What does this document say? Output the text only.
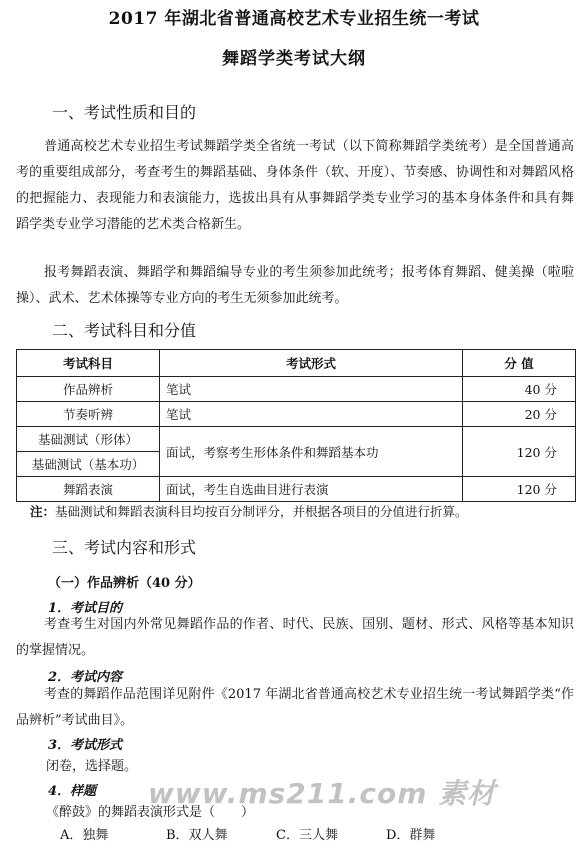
2017 年湖北省普通高校艺术专业招生统一考试
舞蹈学类考试大纲
一、考试性质和目的
普通高校艺术专业招生考试舞蹈学类全省统一考试（以下简称舞蹈学类统考）是全国普通高考的重要组成部分，考查考生的舞蹈基础、身体条件（软、开度）、节奏感、协调性和对舞蹈风格的把握能力、表现能力和表演能力，选拔出具有从事舞蹈学类专业学习的基本身体条件和具有舞蹈学类专业学习潜能的艺术类合格新生。
报考舞蹈表演、舞蹈学和舞蹈编导专业的考生须参加此统考；报考体育舞蹈、健美操（啦啦操）、武术、艺术体操等专业方向的考生无须参加此统考。
二、考试科目和分值
考试科目	考试形式	分 值
作品辨析	笔试	40 分
节奏听辨	笔试	20 分
基础测试（形体）	面试，考察考生形体条件和舞蹈基本功	120 分
基础测试（基本功）		
舞蹈表演	面试，考生自选曲目进行表演	120 分
注：基础测试和舞蹈表演科目均按百分制评分，并根据各项目的分值进行折算。
三、考试内容和形式
（一）作品辨析（40 分）
1．考试目的
考查考生对国内外常见舞蹈作品的作者、时代、民族、国别、题材、形式、风格等基本知识的掌握情况。
2．考试内容
考查的舞蹈作品范围详见附件《2017 年湖北省普通高校艺术专业招生统一考试舞蹈学类“作品辨析”考试曲目》。
3．考试形式
闭卷，选择题。
4．样题
《醉鼓》的舞蹈表演形式是（　　）
A．独舞	B．双人舞	C．三人舞	D．群舞
www.ms211.com 素材
